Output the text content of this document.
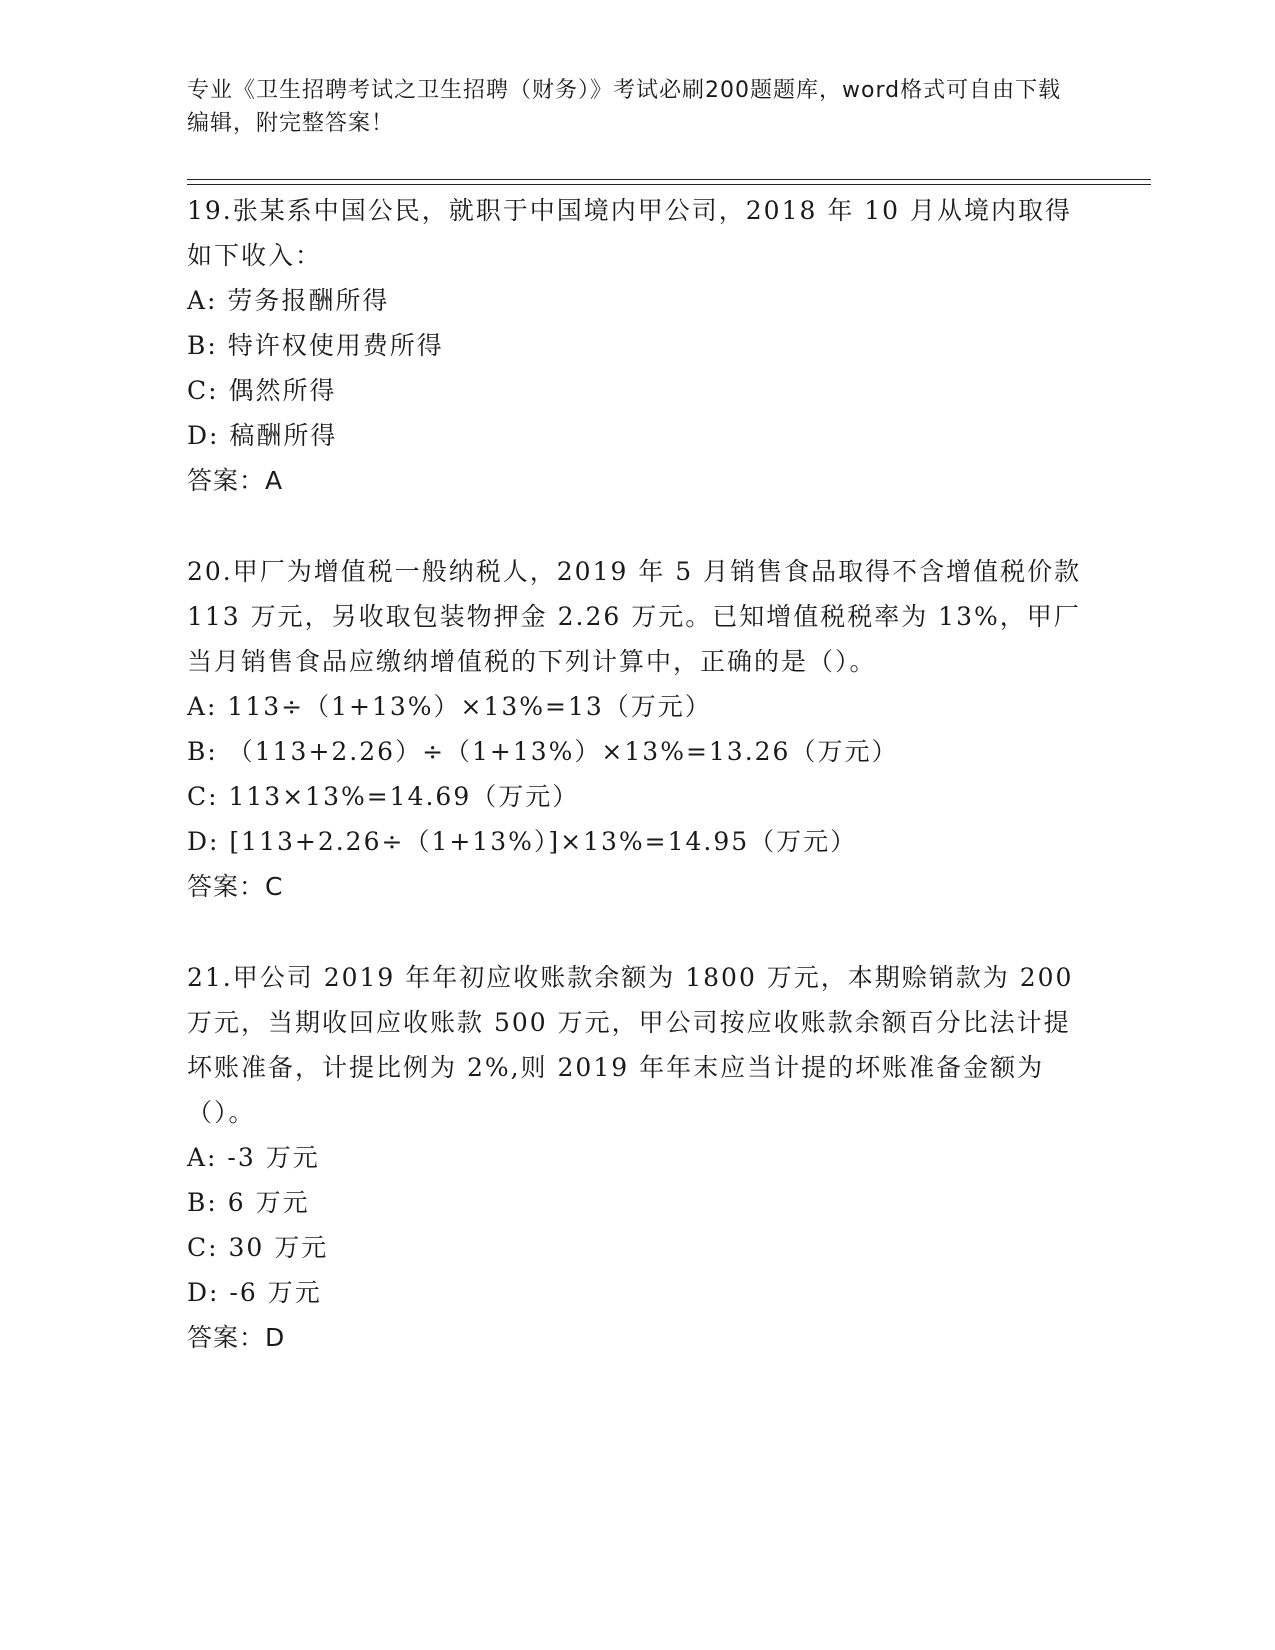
专业《卫生招聘考试之卫生招聘（财务）》考试必刷200题题库，word格式可自由下载编辑，附完整答案！

19.张某系中国公民，就职于中国境内甲公司，2018 年 10 月从境内取得如下收入：

A: 劳务报酬所得

B: 特许权使用费所得

C: 偶然所得

D: 稿酬所得

答案：A

20.甲厂为增值税一般纳税人，2019 年 5 月销售食品取得不含增值税价款 113 万元，另收取包装物押金 2.26 万元。已知增值税税率为 13%，甲厂当月销售食品应缴纳增值税的下列计算中，正确的是（）。

A: 113÷（1+13%）×13%=13（万元）

B: （113+2.26）÷（1+13%）×13%=13.26（万元）

C: 113×13%=14.69（万元）

D: [113+2.26÷（1+13%）]×13%=14.95（万元）

答案：C

21.甲公司 2019 年年初应收账款余额为 1800 万元，本期赊销款为 200 万元，当期收回应收账款 500 万元，甲公司按应收账款余额百分比法计提坏账准备，计提比例为 2%,则 2019 年年末应当计提的坏账准备金额为（）。

A: -3 万元

B: 6 万元

C: 30 万元

D: -6 万元

答案：D
